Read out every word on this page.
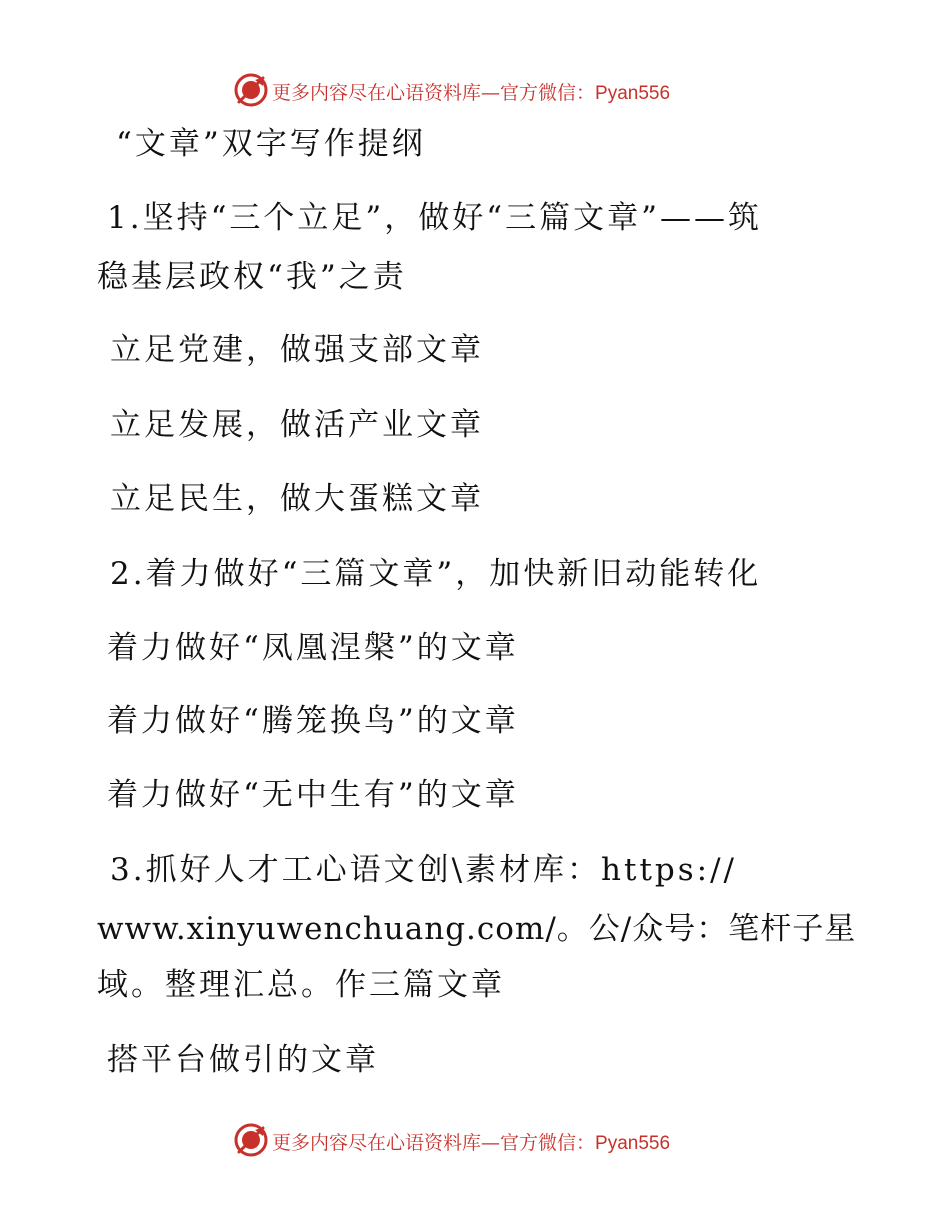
更多内容尽在心语资料库—官方微信：Pyan556
“文章”双字写作提纲
1.坚持“三个立足”，做好“三篇文章”——筑
稳基层政权“我”之责
立足党建，做强支部文章
立足发展，做活产业文章
立足民生，做大蛋糕文章
2.着力做好“三篇文章”，加快新旧动能转化
着力做好“凤凰涅槃”的文章
着力做好“腾笼换鸟”的文章
着力做好“无中生有”的文章
3.抓好人才工心语文创\素材库：https://
www.xinyuwenchuang.com/。公/众号：笔杆子星
域。整理汇总。作三篇文章
搭平台做引的文章
更多内容尽在心语资料库—官方微信：Pyan556
